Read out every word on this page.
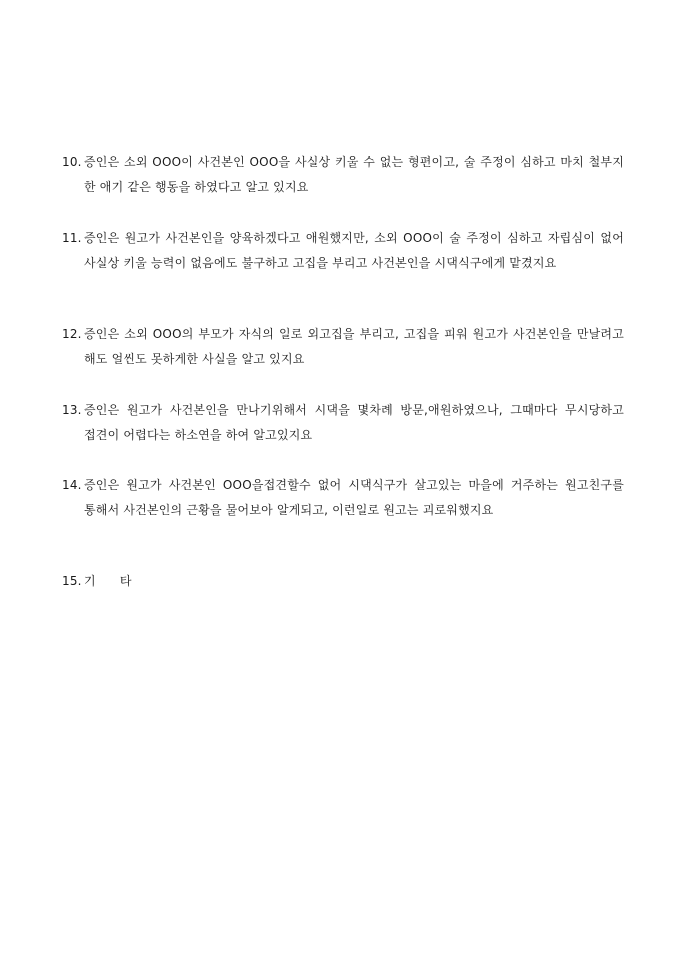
10. 증인은 소외 OOO이 사건본인 OOO을 사실상 키울 수 없는 형편이고, 술 주정이 심하고 마치 철부지 한 애기 같은 행동을 하였다고 알고 있지요
11. 증인은 원고가 사건본인을 양육하겠다고 애원했지만, 소외 OOO이 술 주정이 심하고 자립심이 없어 사실상 키울 능력이 없음에도 불구하고 고집을 부리고 사건본인을 시댁식구에게 맡겼지요
12. 증인은 소외 OOO의 부모가 자식의 일로 외고집을 부리고, 고집을 피워 원고가 사건본인을 만날려고 해도 얼씬도 못하게한 사실을 알고 있지요
13. 증인은 원고가 사건본인을 만나기위해서 시댁을 몇차례 방문,애원하였으나, 그때마다 무시당하고 접견이 어렵다는 하소연을 하여 알고있지요
14. 증인은 원고가 사건본인 OOO을접견할수 없어 시댁식구가 살고있는 마을에 거주하는 원고친구를 통해서 사건본인의 근황을 물어보아 알게되고, 이런일로 원고는 괴로워했지요
15. 기      타
